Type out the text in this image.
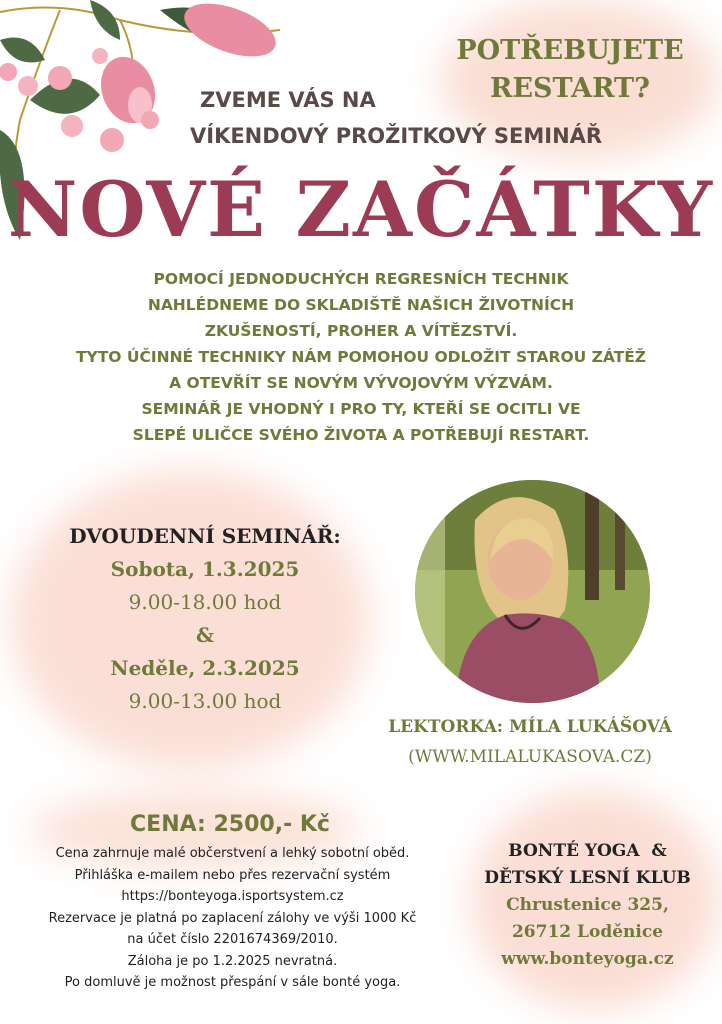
POTŘEBUJETE
RESTART?
ZVEME VÁS NA
VÍKENDOVÝ PROŽITKOVÝ SEMINÁŘ
NOVÉ ZAČÁTKY
POMOCÍ JEDNODUCHÝCH REGRESNÍCH TECHNIK
NAHLÉDNEME DO SKLADIŠTĚ NAŠICH ŽIVOTNÍCH
ZKUŠENOSTÍ, PROHER A VÍTĚZSTVÍ.
TYTO ÚČINNÉ TECHNIKY NÁM POMOHOU ODLOŽIT STAROU ZÁTĚŽ
A OTEVŘÍT SE NOVÝM VÝVOJOVÝM VÝZVÁM.
SEMINÁŘ JE VHODNÝ I PRO TY, KTEŘÍ SE OCITLI VE
SLEPÉ ULIČCE SVÉHO ŽIVOTA A POTŘEBUJÍ RESTART.
DVOUDENNÍ SEMINÁŘ:
Sobota, 1.3.2025
9.00-18.00 hod
&
Neděle, 2.3.2025
9.00-13.00 hod
LEKTORKA: MÍLA LUKÁŠOVÁ
(WWW.MILALUKASOVA.CZ)
CENA: 2500,- Kč
Cena zahrnuje malé občerstvení a lehký sobotní oběd.
Přihláška e-mailem nebo přes rezervační systém
https://bonteyoga.isportsystem.cz
Rezervace je platná po zaplacení zálohy ve výši 1000 Kč
na účet číslo 2201674369/2010.
Záloha je po 1.2.2025 nevratná.
Po domluvě je možnost přespání v sále bonté yoga.
BONTÉ YOGA  &
DĚTSKÝ LESNÍ KLUB
Chrustenice 325,
26712 Loděnice
www.bonteyoga.cz
